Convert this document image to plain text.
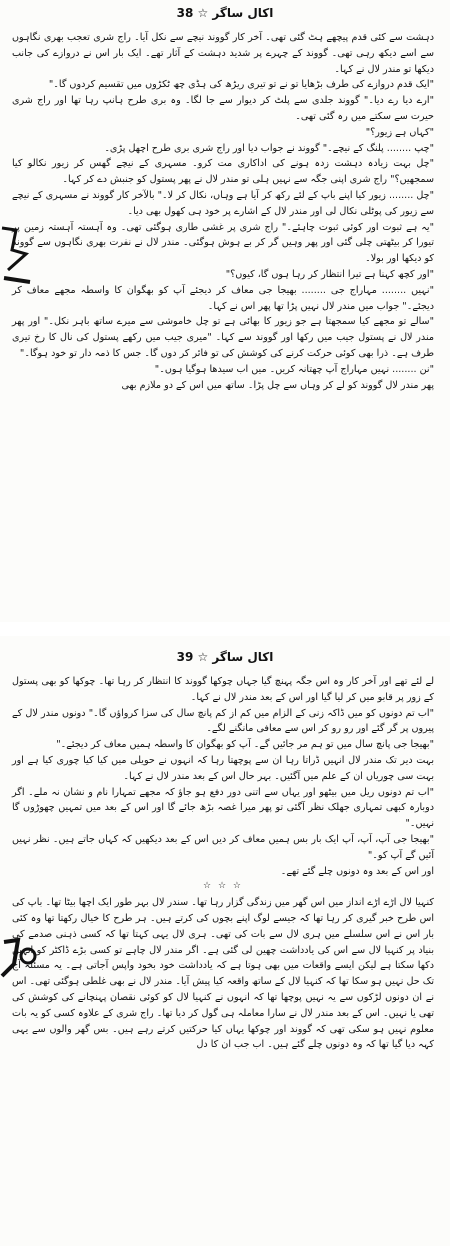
اکال ساگر ☆ 38

دہشت سے کئی قدم پیچھے ہٹ گئی تھی۔ آخر کار گووند نیچے سے نکل آیا۔ راج شری تعجب بھری نگاہوں سے اسے دیکھ رہی تھی۔ گووند کے چہرے پر شدید دہشت کے آثار تھے۔ ایک بار اس نے دروازے کی جانب دیکھا تو مندر لال نے کہا۔

"ایک قدم دروازے کی طرف بڑھایا تو نے تو تیری ریڑھ کی ہڈی چھ ٹکڑوں میں تقسیم کردوں گا۔"

"ارے دیا رے دیا۔" گووند جلدی سے پلٹ کر دیوار سے جا لگا۔ وہ بری طرح ہانپ رہا تھا اور راج شری حیرت سے سکتے میں رہ گئی تھی۔

"کہاں ہے زیور؟"

"چپ ........ پلنگ کے نیچے۔" گووند نے جواب دیا اور راج شری بری طرح اچھل پڑی۔

"چل بہت زیادہ دہشت زدہ ہونے کی اداکاری مت کرو۔ مسہری کے نیچے گھس کر زیور نکالو کیا سمجھیں؟" راج شری اپنی جگہ سے نہیں ہلی تو مندر لال نے پھر پستول کو جنبش دے کر کہا۔

"چل ........ زیور کیا اپنے باپ کے لئے رکھ کر آیا ہے وہاں، نکال کر لا۔" بالآخر کار گووند نے مسہری کے نیچے سے زیور کی پوٹلی نکال لی اور مندر لال کے اشارے پر خود ہی کھول بھی دیا۔

"یہ ہے ثبوت اور کوئی ثبوت چاہئے۔" راج شری پر غشی طاری ہوگئی تھی۔ وہ آہستہ آہستہ زمین پر تیورا کر بیٹھتی چلی گئی اور پھر وہیں گر کر بے ہوش ہوگئی۔ مندر لال نے نفرت بھری نگاہوں سے گووند کو دیکھا اور بولا۔

"اور کچھ کہنا ہے تیرا انتظار کر رہا ہوں گا، کیوں؟"

"نہیں ........ مہاراج جی ........ بھیجا جی معاف کر دیجئے آپ کو بھگوان کا واسطہ مجھے معاف کر دیجئے۔" جواب میں مندر لال نہیں پڑا تھا پھر اس نے کہا۔

"سالے تو مجھے کیا سمجھتا ہے جو زیور کا بھائی ہے تو چل خاموشی سے میرے ساتھ باہر نکل۔" اور پھر مندر لال نے پستول جیب میں رکھا اور گووند سے کہا۔ "میری جیب میں رکھے پستول کی نال کا رخ تیری طرف ہے۔ ذرا بھی کوئی حرکت کرنے کی کوشش کی تو فائر کر دوں گا۔ جس کا ذمہ دار تو خود ہوگا۔"

"نن ........ نہیں مہاراج آپ چھتانہ کریں۔ میں اب سیدھا ہوگیا ہوں۔"

پھر مندر لال گووند کو لے کر وہاں سے چل پڑا۔ ساتھ میں اس کے دو ملازم بھی

اکال ساگر ☆ 39

لے لئے تھے اور آخر کار وہ اس جگہ پہنچ گیا جہاں چوکھا گووند کا انتظار کر رہا تھا۔ چوکھا کو بھی پستول کے زور پر قابو میں کر لیا گیا اور اس کے بعد مندر لال نے کہا۔

"اب تم دونوں کو میں ڈاکہ زنی کے الزام میں کم از کم پانچ سال کی سزا کرواؤں گا۔" دونوں مندر لال کے پیروں پر گر گئے اور رو رو کر اس سے معافی مانگنے لگے۔

"بھیجا جی پانچ سال میں تو ہم مر جائیں گے۔ آپ کو بھگوان کا واسطہ ہمیں معاف کر دیجئے۔"

بہت دیر تک مندر لال انہیں ڈراتا رہا ان سے پوچھتا رہا کہ انہوں نے حویلی میں کیا کیا چوری کیا ہے اور بہت سی چوریاں ان کے علم میں آگئیں۔ بہر حال اس کے بعد مندر لال نے کہا۔

"اب تم دونوں ریل میں بیٹھو اور یہاں سے اتنی دور دفع ہو جاؤ کہ مجھے تمہارا نام و نشان نہ ملے۔ اگر دوبارہ کبھی تمہاری جھلک نظر آگئی تو پھر میرا غصہ بڑھ جائے گا اور اس کے بعد میں تمہیں چھوڑوں گا نہیں۔"

"بھیجا جی آپ، آپ، آپ ایک بار بس ہمیں معاف کر دیں اس کے بعد دیکھیں کہ کہاں جاتے ہیں۔ نظر نہیں آئیں گے آپ کو۔"

اور اس کے بعد وہ دونوں چلے گئے تھے۔

☆ ☆ ☆

کنہیا لال اڑے اڑے انداز میں اس گھر میں زندگی گزار رہا تھا۔ سندر لال بہر طور ایک اچھا بیٹا تھا۔ باپ کی اس طرح خبر گیری کر رہا تھا کہ جیسے لوگ اپنے بچوں کی کرتے ہیں۔ ہر طرح کا خیال رکھتا تھا وہ کئی بار اس نے اس سلسلے میں ہری لال سے بات کی تھی۔ ہری لال یہی کہتا تھا کہ کسی ذہنی صدمے کی بنیاد پر کنہیا لال سے اس کی یادداشت چھین لی گئی ہے۔ اگر مندر لال چاہے تو کسی بڑے ڈاکٹر کو انہیں دکھا سکتا ہے لیکن ایسے واقعات میں بھی ہوتا ہے کہ یادداشت خود بخود واپس آجاتی ہے۔ یہ مسئلہ آج تک حل نہیں ہو سکا تھا کہ کنہیا لال کے ساتھ واقعہ کیا پیش آیا۔ مندر لال نے بھی غلطی ہوگئی تھی۔ اس نے ان دونوں لڑکوں سے یہ نہیں پوچھا تھا کہ انہوں نے کنہیا لال کو کوئی نقصان پہنچانے کی کوشش کی تھی یا نہیں۔ اس کے بعد مندر لال نے سارا معاملہ ہی گول کر دیا تھا۔ راج شری کے علاوہ کسی کو یہ بات معلوم نہیں ہو سکی تھی کہ گووند اور چوکھا یہاں کیا حرکتیں کرتے رہے ہیں۔ بس گھر والوں سے یہی کہہ دیا گیا تھا کہ وہ دونوں چلے گئے ہیں۔ اب جب ان کا دل
